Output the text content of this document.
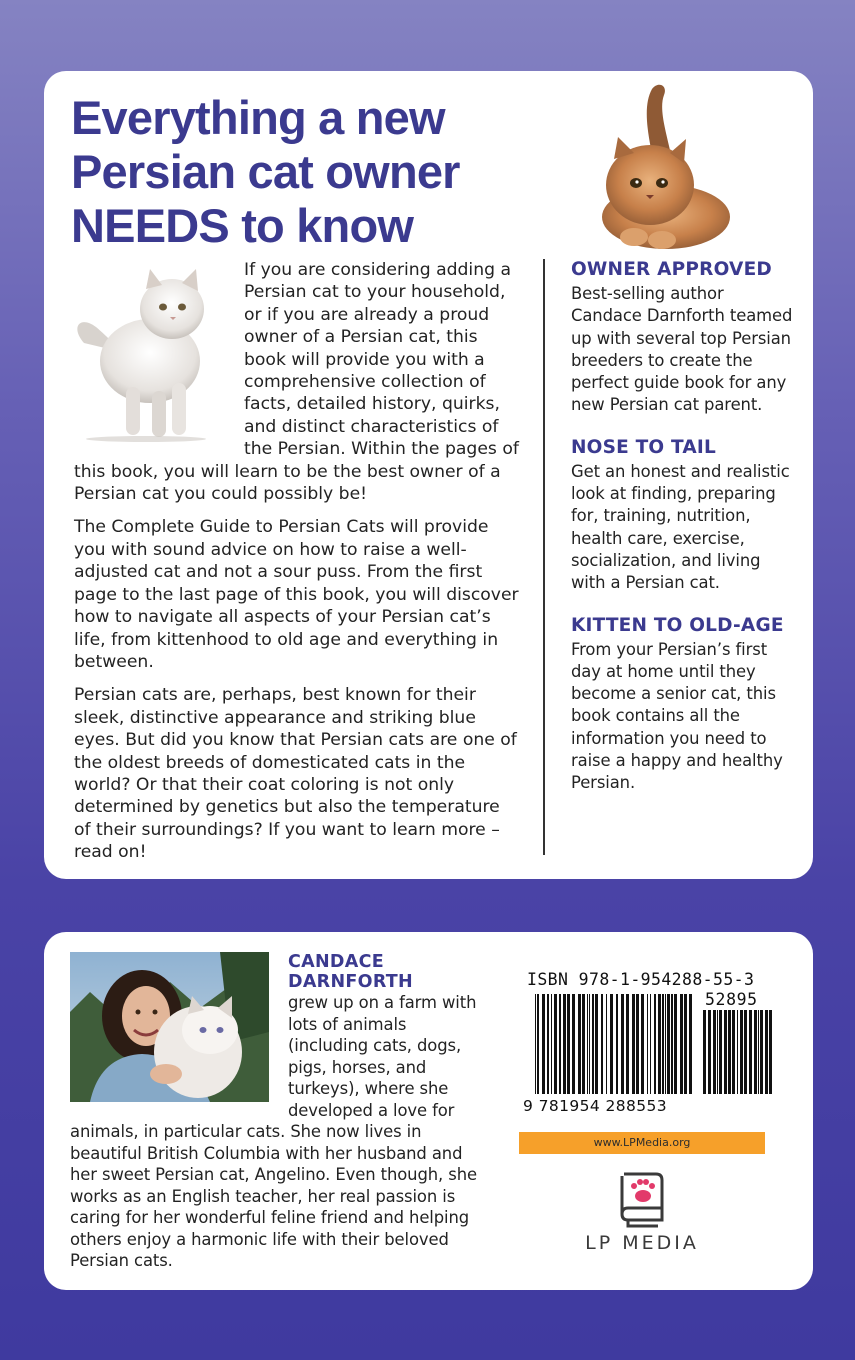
Everything a new Persian cat owner NEEDS to know

If you are considering adding a Persian cat to your household, or if you are already a proud owner of a Persian cat, this book will provide you with a comprehensive collection of facts, detailed history, quirks, and distinct characteristics of the Persian. Within the pages of this book, you will learn to be the best owner of a Persian cat you could possibly be!

The Complete Guide to Persian Cats will provide you with sound advice on how to raise a well-adjusted cat and not a sour puss. From the first page to the last page of this book, you will discover how to navigate all aspects of your Persian cat’s life, from kittenhood to old age and everything in between.

Persian cats are, perhaps, best known for their sleek, distinctive appearance and striking blue eyes. But did you know that Persian cats are one of the oldest breeds of domesticated cats in the world? Or that their coat coloring is not only determined by genetics but also the temperature of their surroundings? If you want to learn more – read on!

OWNER APPROVED
Best-selling author Candace Darnforth teamed up with several top Persian breeders to create the perfect guide book for any new Persian cat parent.
NOSE TO TAIL
Get an honest and realistic look at finding, preparing for, training, nutrition, health care, exercise, socialization, and living with a Persian cat.
KITTEN TO OLD-AGE
From your Persian’s first day at home until they become a senior cat, this book contains all the information you need to raise a happy and healthy Persian.
CANDACE
DARNFORTH

grew up on a farm with lots of animals (including cats, dogs, pigs, horses, and turkeys), where she developed a love for animals, in particular cats. She now lives in beautiful British Columbia with her husband and her sweet Persian cat, Angelino. Even though, she works as an English teacher, her real passion is caring for her wonderful feline friend and helping others enjoy a harmonic life with their beloved Persian cats.

ISBN 978-1-954288-55-3
52895
9 781954 288553
www.LPMedia.org
LP MEDIA
